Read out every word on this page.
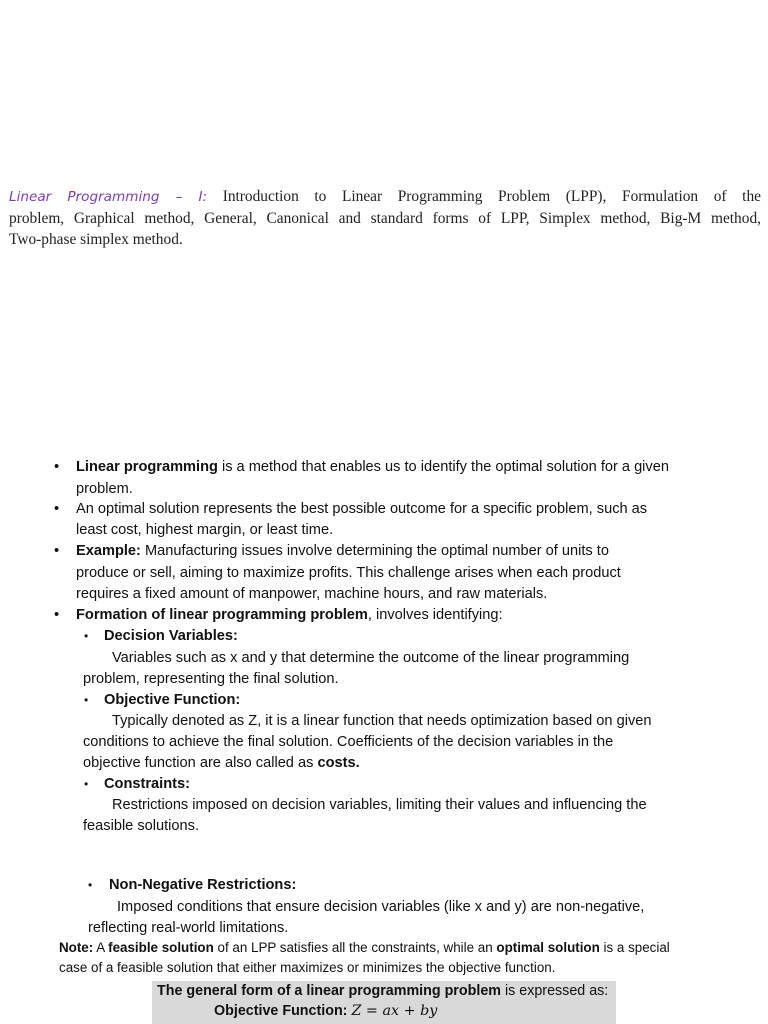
Linear Programming – I: Introduction to Linear Programming Problem (LPP), Formulation of the
problem, Graphical method, General, Canonical and standard forms of LPP, Simplex method, Big-M method,
Two-phase simplex method.
• Linear programming is a method that enables us to identify the optimal solution for a given
problem.
• An optimal solution represents the best possible outcome for a specific problem, such as
least cost, highest margin, or least time.
• Example: Manufacturing issues involve determining the optimal number of units to
produce or sell, aiming to maximize profits. This challenge arises when each product
requires a fixed amount of manpower, machine hours, and raw materials.
• Formation of linear programming problem, involves identifying:
• Decision Variables:
Variables such as x and y that determine the outcome of the linear programming
problem, representing the final solution.
• Objective Function:
Typically denoted as Z, it is a linear function that needs optimization based on given
conditions to achieve the final solution. Coefficients of the decision variables in the
objective function are also called as costs.
• Constraints:
Restrictions imposed on decision variables, limiting their values and influencing the
feasible solutions.
• Non-Negative Restrictions:
Imposed conditions that ensure decision variables (like x and y) are non-negative,
reflecting real-world limitations.
Note: A feasible solution of an LPP satisfies all the constraints, while an optimal solution is a special
case of a feasible solution that either maximizes or minimizes the objective function.
The general form of a linear programming problem is expressed as:
Objective Function: Z = ax + by
